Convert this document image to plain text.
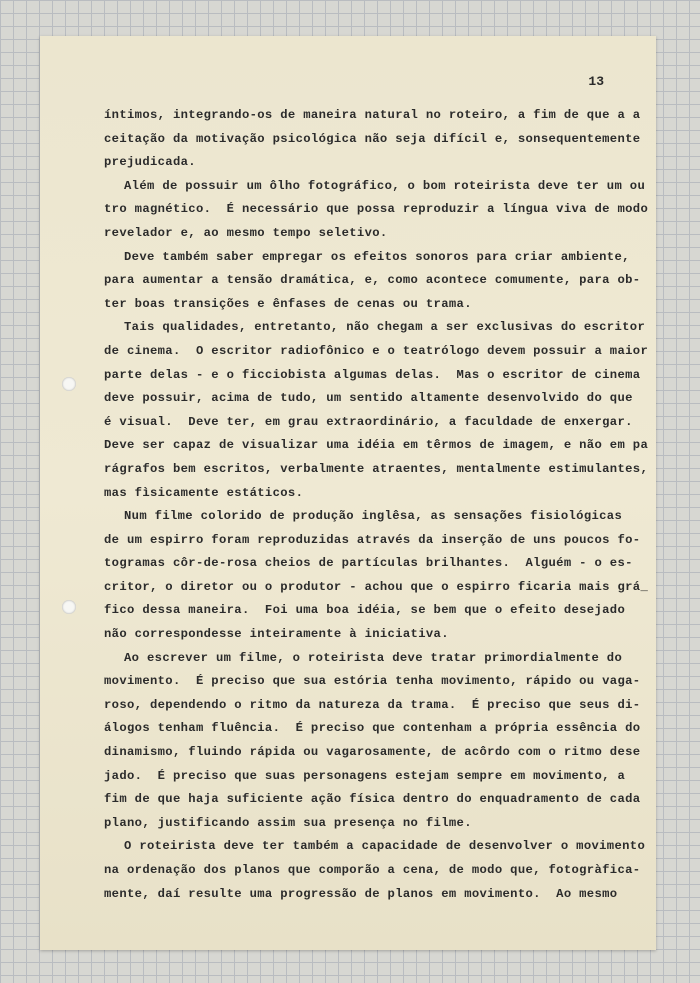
13
íntimos, integrando-os de maneira natural no roteiro, a fim de que a a
ceitação da motivação psicológica não seja difícil e, sonsequentemente
prejudicada.
Além de possuir um ôlho fotográfico, o bom roteirista deve ter um ou
tro magnético.  É necessário que possa reproduzir a língua viva de modo
revelador e, ao mesmo tempo seletivo.
Deve também saber empregar os efeitos sonoros para criar ambiente,
para aumentar a tensão dramática, e, como acontece comumente, para ob-
ter boas transições e ênfases de cenas ou trama.
Tais qualidades, entretanto, não chegam a ser exclusivas do escritor
de cinema.  O escritor radiofônico e o teatrólogo devem possuir a maior
parte delas - e o ficciobista algumas delas.  Mas o escritor de cinema
deve possuir, acima de tudo, um sentido altamente desenvolvido do que
é visual.  Deve ter, em grau extraordinário, a faculdade de enxergar.
Deve ser capaz de visualizar uma idéia em têrmos de imagem, e não em pa
rágrafos bem escritos, verbalmente atraentes, mentalmente estimulantes,
mas fìsicamente estáticos.
Num filme colorido de produção inglêsa, as sensações fisiológicas
de um espirro foram reproduzidas através da inserção de uns poucos fo-
togramas côr-de-rosa cheios de partículas brilhantes.  Alguém - o es-
critor, o diretor ou o produtor - achou que o espirro ficaria mais grá_
fico dessa maneira.  Foi uma boa idéia, se bem que o efeito desejado
não correspondesse inteiramente à iniciativa.
Ao escrever um filme, o roteirista deve tratar primordialmente do
movimento.  É preciso que sua estória tenha movimento, rápido ou vaga-
roso, dependendo o ritmo da natureza da trama.  É preciso que seus di-
álogos tenham fluência.  É preciso que contenham a própria essência do
dinamismo, fluindo rápida ou vagarosamente, de acôrdo com o ritmo dese
jado.  É preciso que suas personagens estejam sempre em movimento, a
fim de que haja suficiente ação física dentro do enquadramento de cada
plano, justificando assim sua presença no filme.
O roteirista deve ter também a capacidade de desenvolver o movimento
na ordenação dos planos que comporão a cena, de modo que, fotogràfica-
mente, daí resulte uma progressão de planos em movimento.  Ao mesmo
